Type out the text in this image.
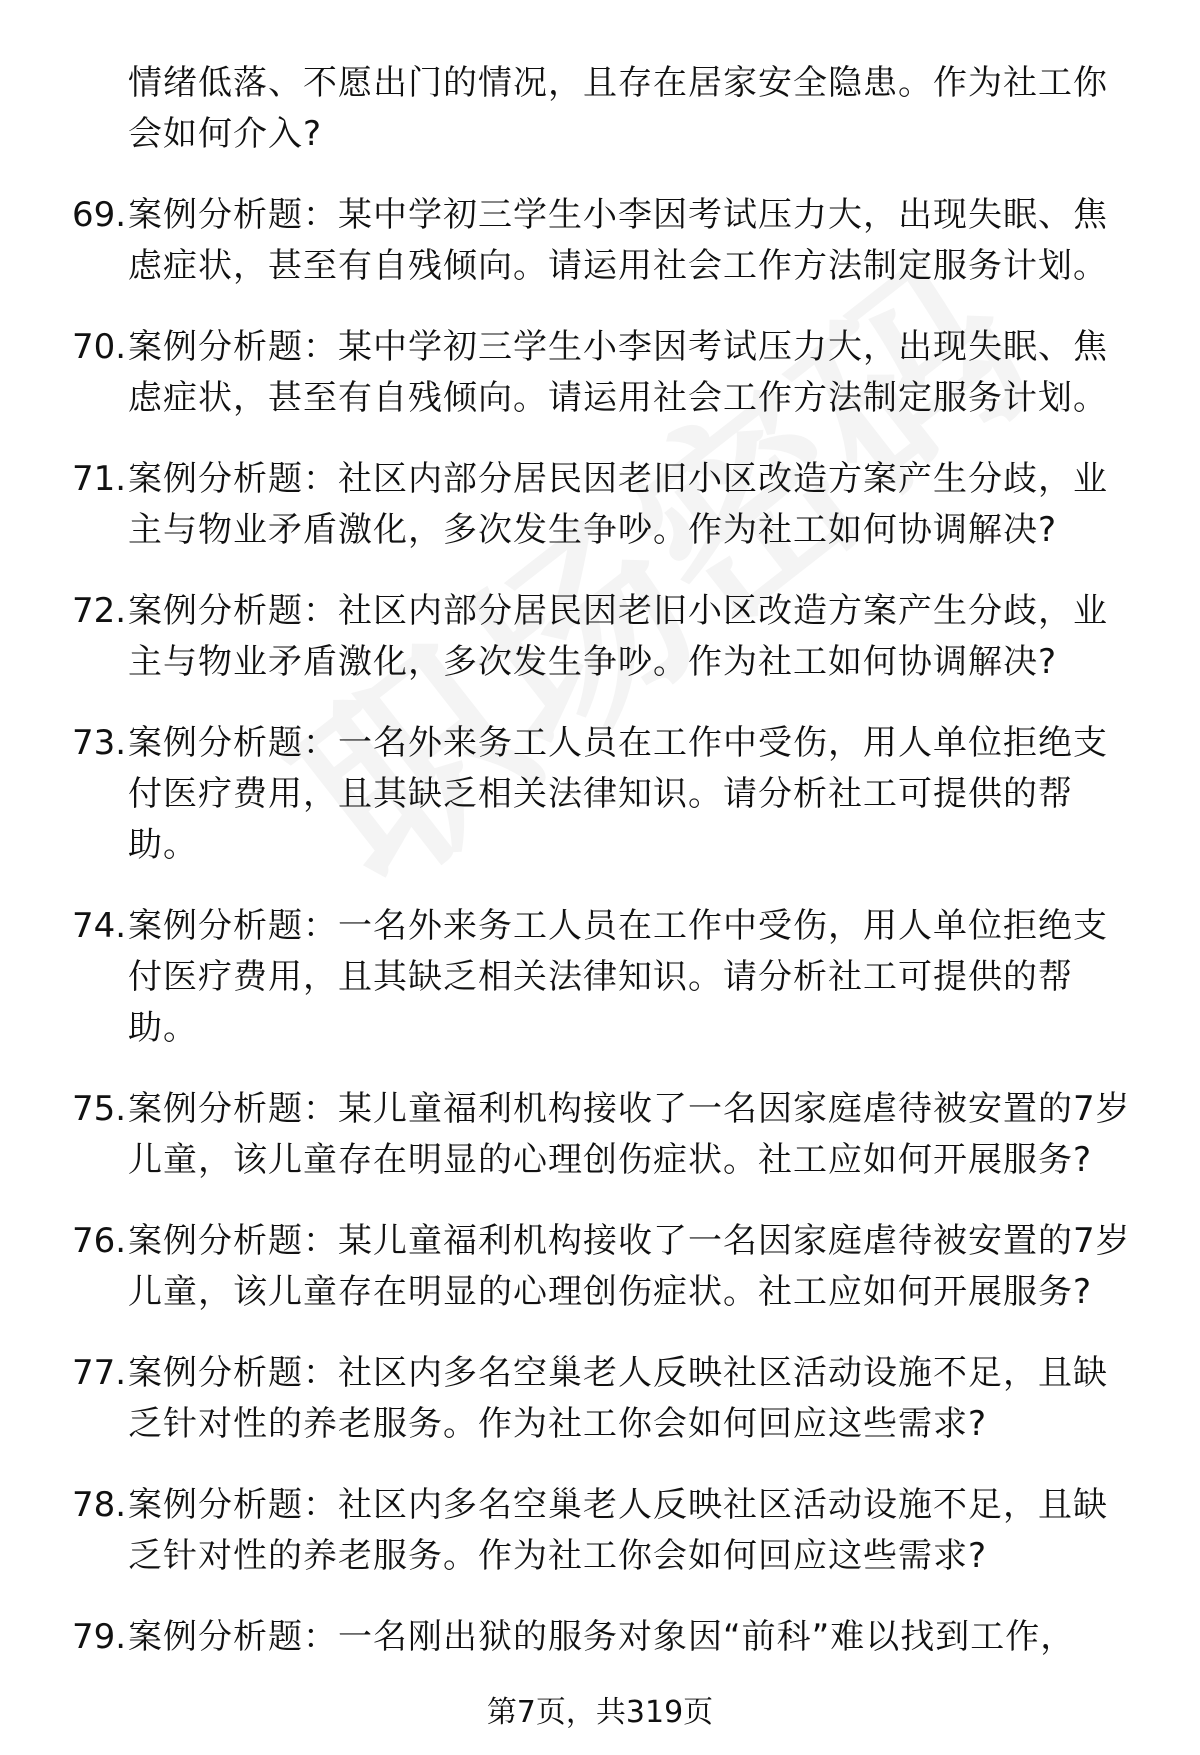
情绪低落、不愿出门的情况，且存在居家安全隐患。作为社工你
会如何介入?
69. 案例分析题：某中学初三学生小李因考试压力大，出现失眠、焦
虑症状，甚至有自残倾向。请运用社会工作方法制定服务计划。
70. 案例分析题：某中学初三学生小李因考试压力大，出现失眠、焦
虑症状，甚至有自残倾向。请运用社会工作方法制定服务计划。
71. 案例分析题：社区内部分居民因老旧小区改造方案产生分歧，业
主与物业矛盾激化，多次发生争吵。作为社工如何协调解决?
72. 案例分析题：社区内部分居民因老旧小区改造方案产生分歧，业
主与物业矛盾激化，多次发生争吵。作为社工如何协调解决?
73. 案例分析题：一名外来务工人员在工作中受伤，用人单位拒绝支
付医疗费用，且其缺乏相关法律知识。请分析社工可提供的帮
助。
74. 案例分析题：一名外来务工人员在工作中受伤，用人单位拒绝支
付医疗费用，且其缺乏相关法律知识。请分析社工可提供的帮
助。
75. 案例分析题：某儿童福利机构接收了一名因家庭虐待被安置的7岁
儿童，该儿童存在明显的心理创伤症状。社工应如何开展服务?
76. 案例分析题：某儿童福利机构接收了一名因家庭虐待被安置的7岁
儿童，该儿童存在明显的心理创伤症状。社工应如何开展服务?
77. 案例分析题：社区内多名空巢老人反映社区活动设施不足，且缺
乏针对性的养老服务。作为社工你会如何回应这些需求?
78. 案例分析题：社区内多名空巢老人反映社区活动设施不足，且缺
乏针对性的养老服务。作为社工你会如何回应这些需求?
79. 案例分析题：一名刚出狱的服务对象因“前科”难以找到工作，
第7页，共319页
